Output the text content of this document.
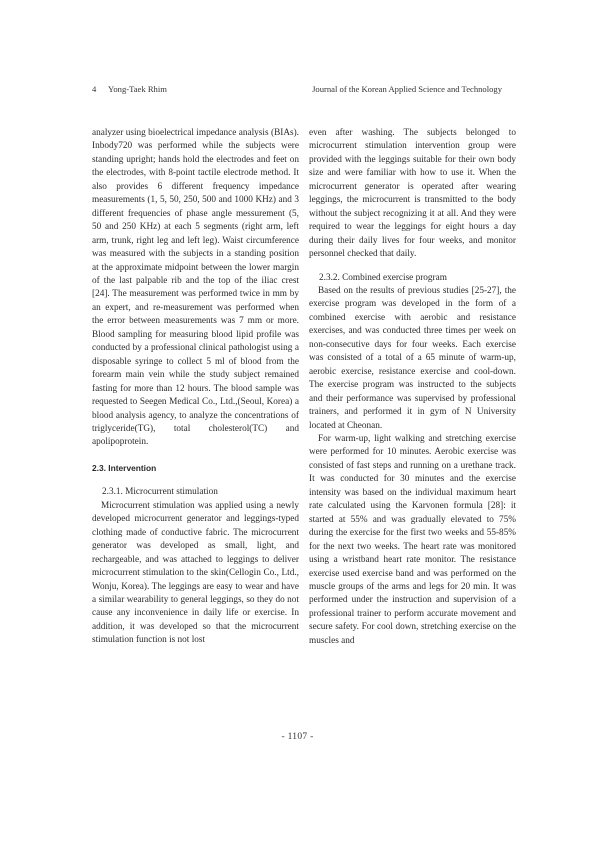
4 Yong-Taek Rhim	Journal of the Korean Applied Science and Technology

analyzer using bioelectrical impedance analysis (BIAs). Inbody720 was performed while the subjects were standing upright; hands hold the electrodes and feet on the electrodes, with 8-point tactile electrode method. It also provides 6 different frequency impedance measurements (1, 5, 50, 250, 500 and 1000 KHz) and 3 different frequencies of phase angle messurement (5, 50 and 250 KHz) at each 5 segments (right arm, left arm, trunk, right leg and left leg). Waist circumference was measured with the subjects in a standing position at the approximate midpoint between the lower margin of the last palpable rib and the top of the iliac crest [24]. The measurement was performed twice in mm by an expert, and re-measurement was performed when the error between measurements was 7 mm or more. Blood sampling for measuring blood lipid profile was conducted by a professional clinical pathologist using a disposable syringe to collect 5 ml of blood from the forearm main vein while the study subject remained fasting for more than 12 hours. The blood sample was requested to Seegen Medical Co., Ltd.,(Seoul, Korea) a blood analysis agency, to analyze the concentrations of triglyceride(TG), total cholesterol(TC) and apolipoprotein.

2.3. Intervention
2.3.1. Microcurrent stimulation

Microcurrent stimulation was applied using a newly developed microcurrent generator and leggings-typed clothing made of conductive fabric. The microcurrent generator was developed as small, light, and rechargeable, and was attached to leggings to deliver microcurrent stimulation to the skin(Cellogin Co., Ltd., Wonju, Korea). The leggings are easy to wear and have a similar wearability to general leggings, so they do not cause any inconvenience in daily life or exercise. In addition, it was developed so that the microcurrent stimulation function is not lost

even after washing. The subjects belonged to microcurrent stimulation intervention group were provided with the leggings suitable for their own body size and were familiar with how to use it. When the microcurrent generator is operated after wearing leggings, the microcurrent is transmitted to the body without the subject recognizing it at all. And they were required to wear the leggings for eight hours a day during their daily lives for four weeks, and monitor personnel checked that daily.

2.3.2. Combined exercise program

Based on the results of previous studies [25-27], the exercise program was developed in the form of a combined exercise with aerobic and resistance exercises, and was conducted three times per week on non-consecutive days for four weeks. Each exercise was consisted of a total of a 65 minute of warm-up, aerobic exercise, resistance exercise and cool-down. The exercise program was instructed to the subjects and their performance was supervised by professional trainers, and performed it in gym of N University located at Cheonan.

For warm-up, light walking and stretching exercise were performed for 10 minutes. Aerobic exercise was consisted of fast steps and running on a urethane track. It was conducted for 30 minutes and the exercise intensity was based on the individual maximum heart rate calculated using the Karvonen formula [28]: it started at 55% and was gradually elevated to 75% during the exercise for the first two weeks and 55-85% for the next two weeks. The heart rate was monitored using a wristband heart rate monitor. The resistance exercise used exercise band and was performed on the muscle groups of the arms and legs for 20 min. It was performed under the instruction and supervision of a professional trainer to perform accurate movement and secure safety. For cool down, stretching exercise on the muscles and

- 1107 -
